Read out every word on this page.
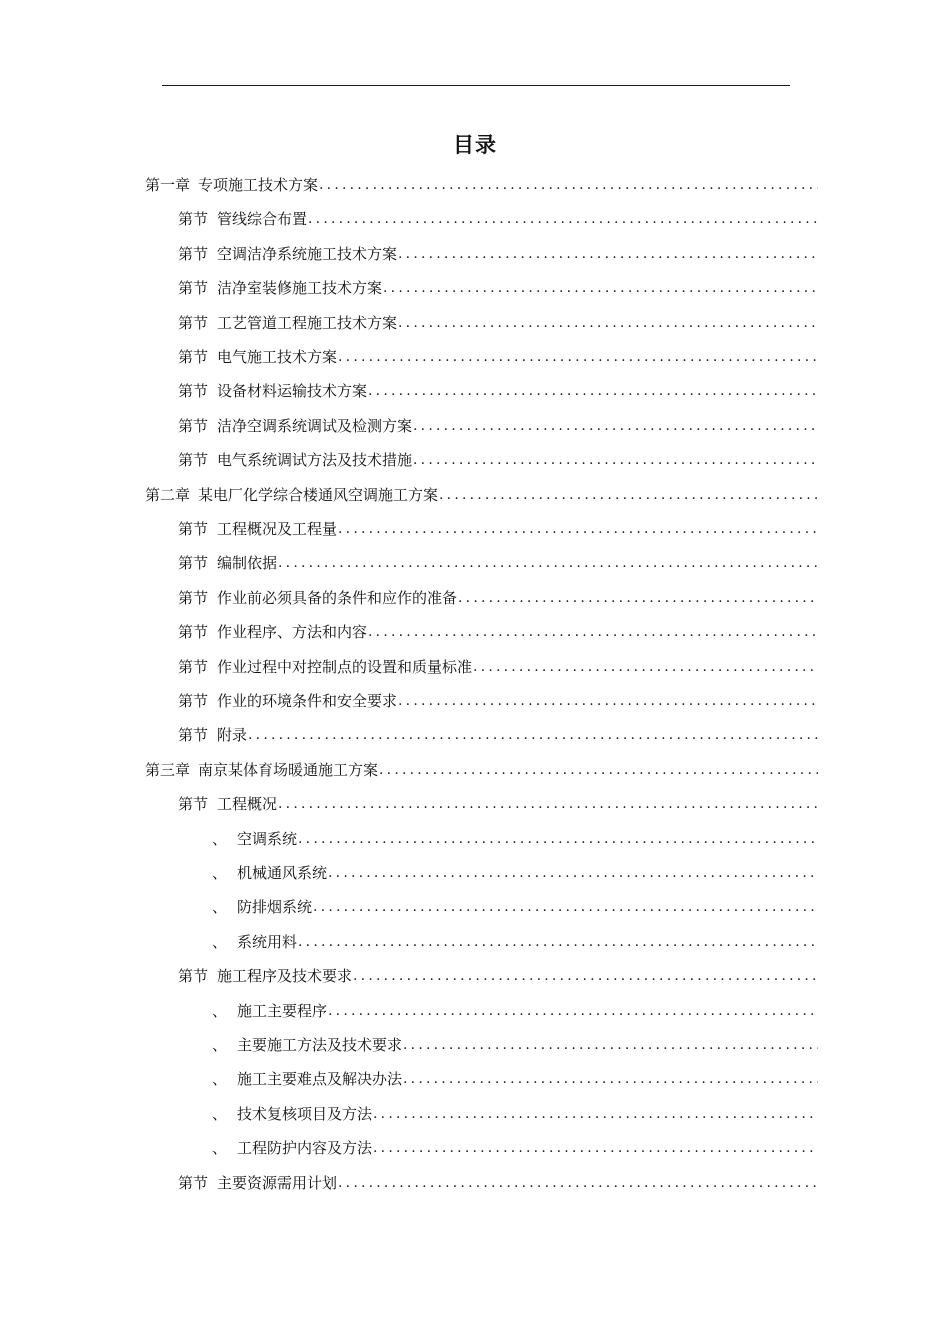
目录
第一章 专项施工技术方案
.....
第节 管线综合布置
.....
第节 空调洁净系统施工技术方案
.....
第节 洁净室装修施工技术方案
.....
第节 工艺管道工程施工技术方案
.....
第节 电气施工技术方案
.....
第节 设备材料运输技术方案
.....
第节 洁净空调系统调试及检测方案
.....
第节 电气系统调试方法及技术措施
.....
第二章 某电厂化学综合楼通风空调施工方案
.....
第节 工程概况及工程量
.....
第节 编制依据
.....
第节 作业前必须具备的条件和应作的准备
.....
第节 作业程序、方法和内容
.....
第节 作业过程中对控制点的设置和质量标准
.....
第节 作业的环境条件和安全要求
.....
第节 附录
.....
第三章 南京某体育场暖通施工方案
.....
第节 工程概况
.....
、 空调系统
.....
、 机械通风系统
.....
、 防排烟系统
.....
、 系统用料
.....
第节 施工程序及技术要求
.....
、 施工主要程序
.....
、 主要施工方法及技术要求
.....
、 施工主要难点及解决办法
.....
、 技术复核项目及方法
.....
、 工程防护内容及方法
.....
第节 主要资源需用计划
.....
